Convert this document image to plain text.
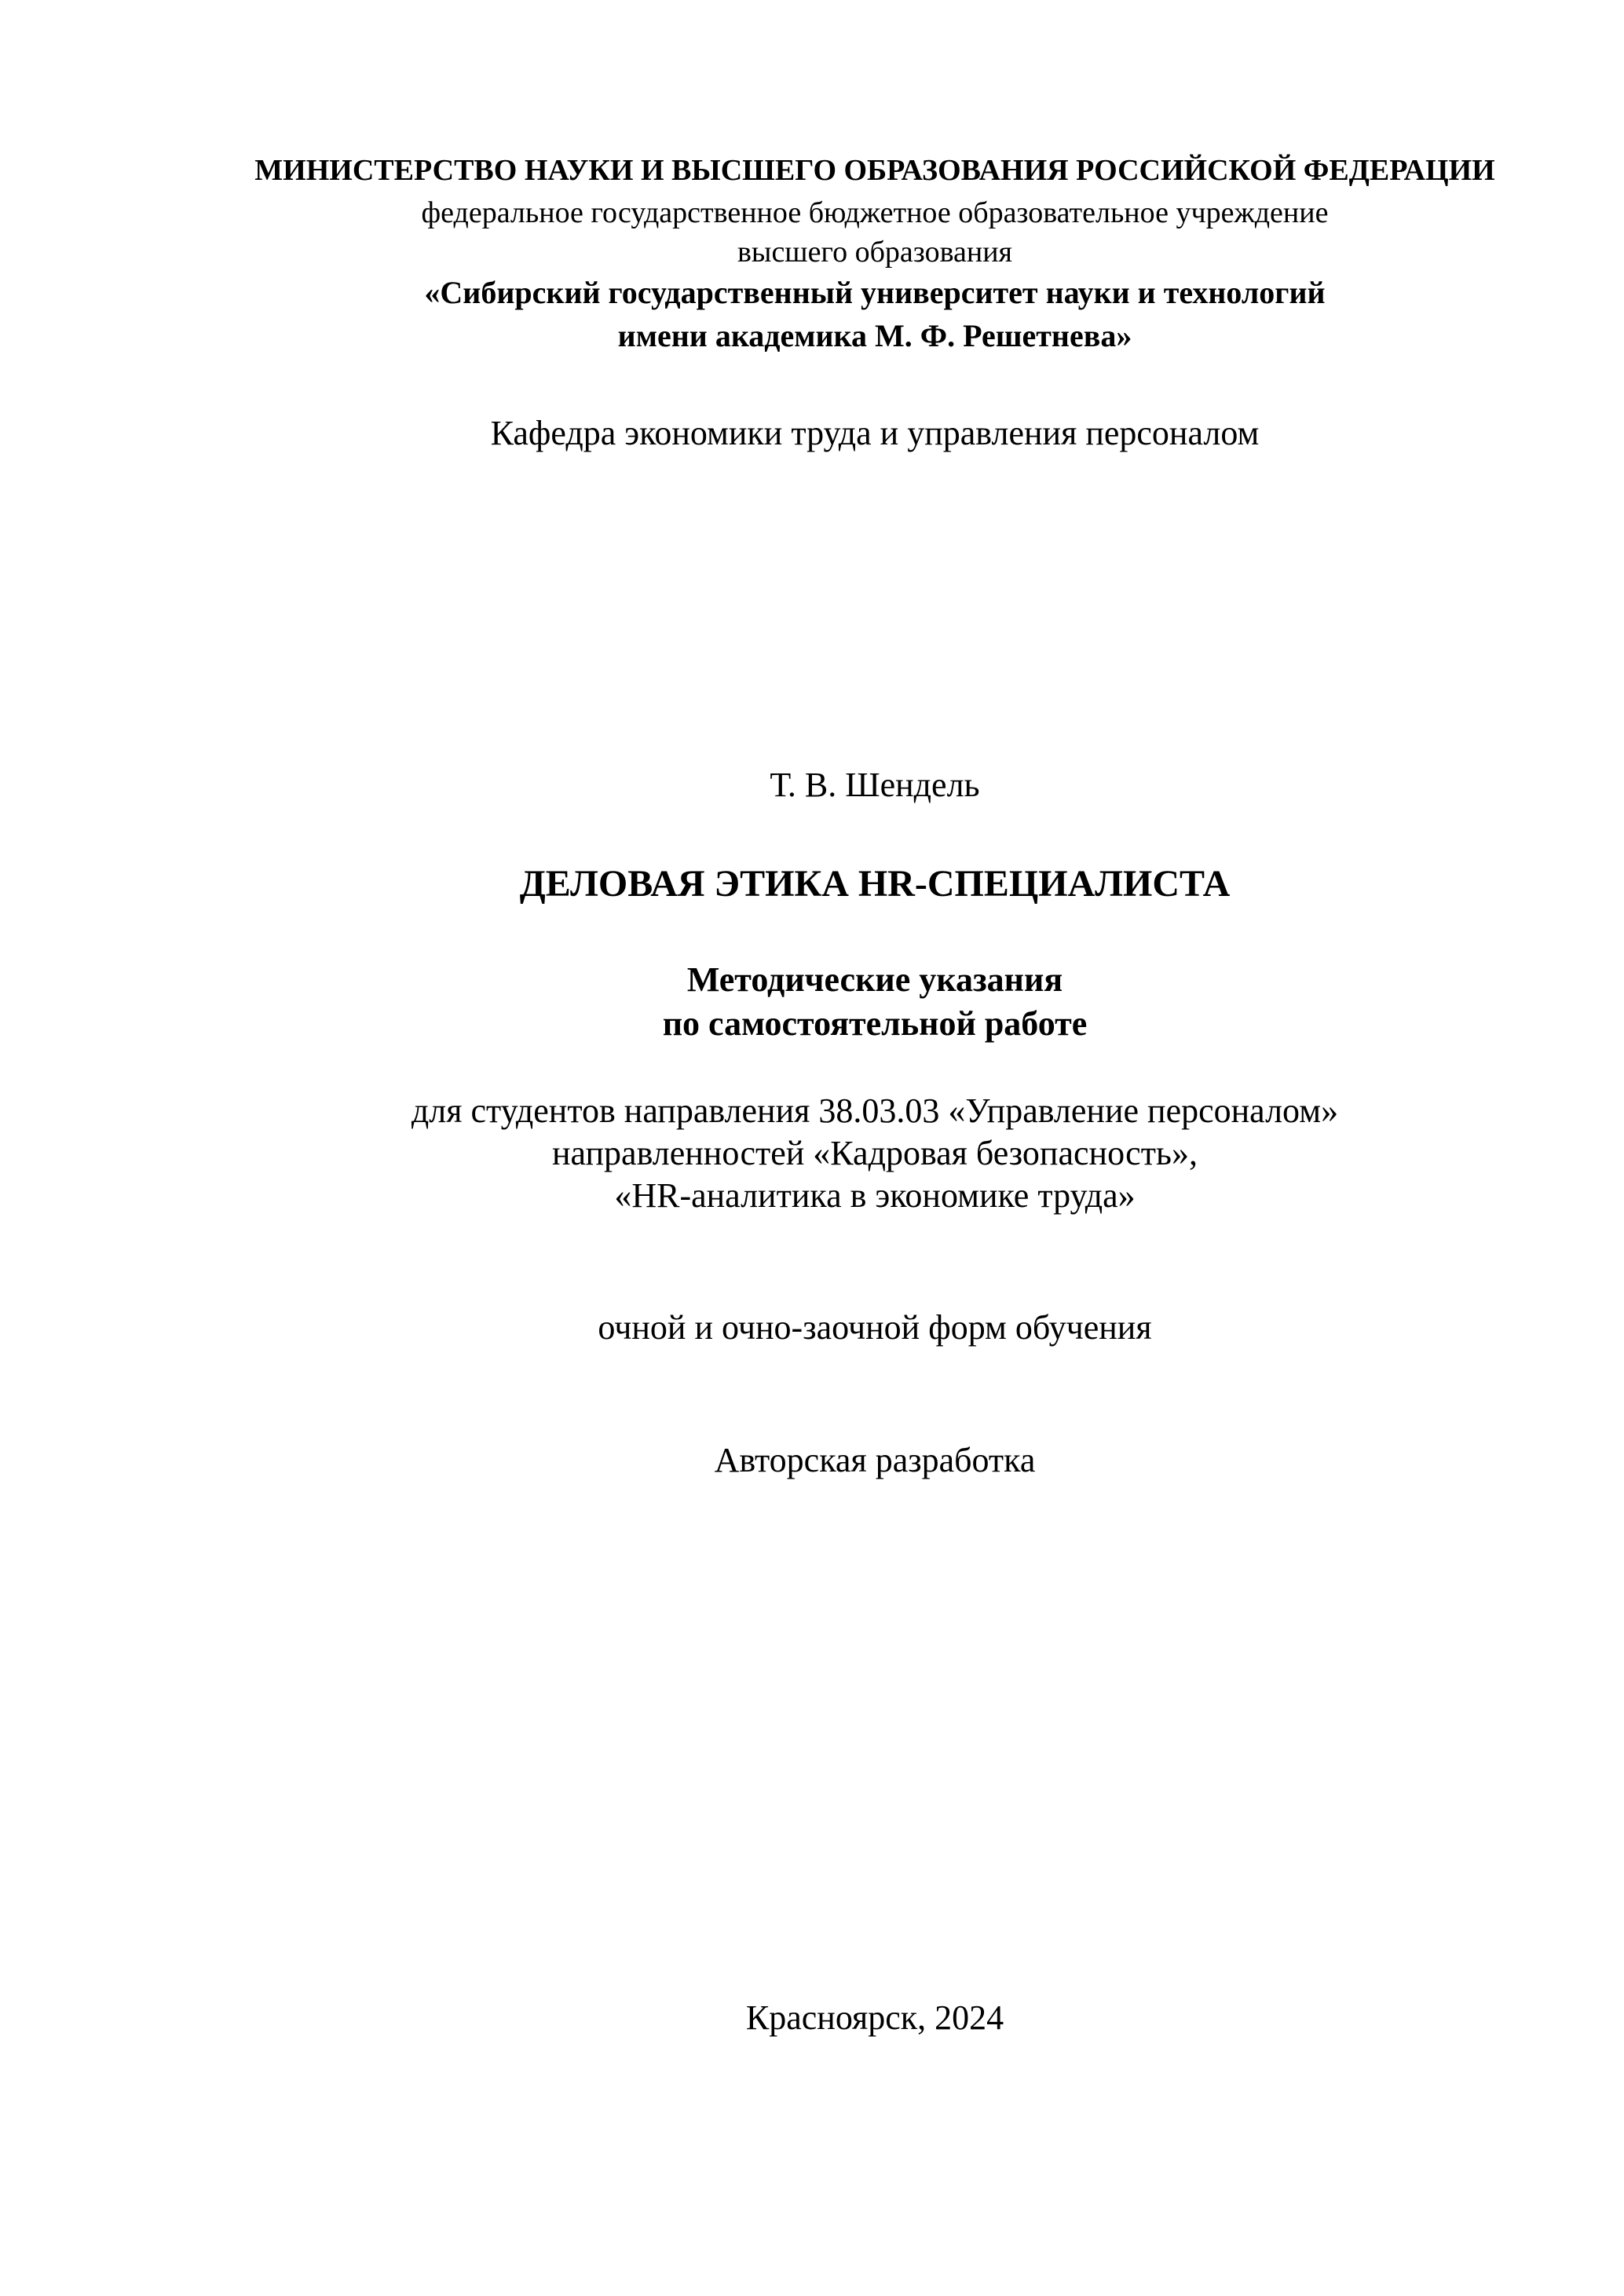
МИНИСТЕРСТВО НАУКИ И ВЫСШЕГО ОБРАЗОВАНИЯ РОССИЙСКОЙ ФЕДЕРАЦИИ

федеральное государственное бюджетное образовательное учреждение

высшего образования

«Сибирский государственный университет науки и технологий

имени академика М. Ф. Решетнева»

Кафедра экономики труда и управления персоналом

Т. В. Шендель

ДЕЛОВАЯ ЭТИКА HR-СПЕЦИАЛИСТА

Методические указания

по самостоятельной работе

для студентов направления 38.03.03 «Управление персоналом»

направленностей «Кадровая безопасность»,

«HR-аналитика в экономике труда»

очной и очно-заочной форм обучения

Авторская разработка

Красноярск, 2024
